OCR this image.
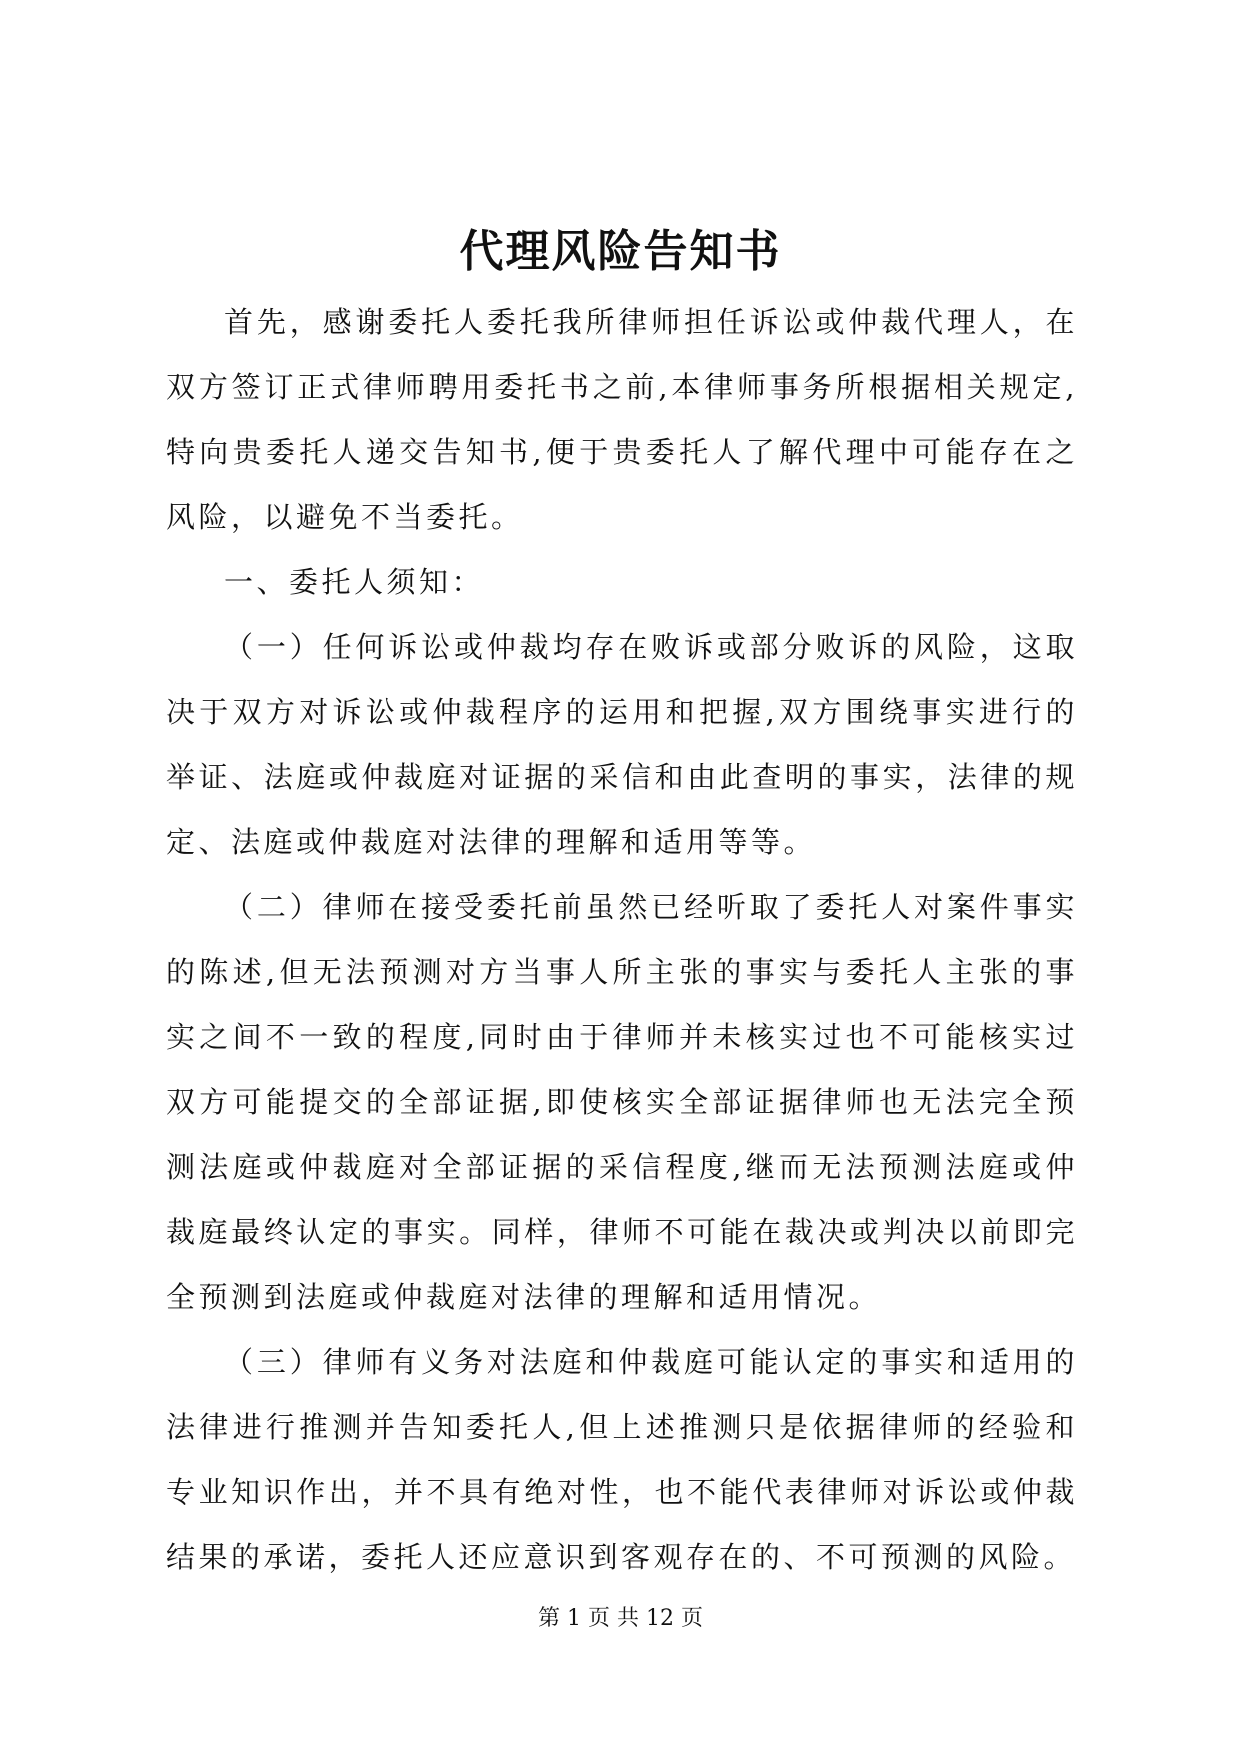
代理风险告知书

首先，感谢委托人委托我所律师担任诉讼或仲裁代理人，在双方签订正式律师聘用委托书之前,本律师事务所根据相关规定,特向贵委托人递交告知书,便于贵委托人了解代理中可能存在之风险，以避免不当委托。

一、委托人须知：

（一）任何诉讼或仲裁均存在败诉或部分败诉的风险，这取决于双方对诉讼或仲裁程序的运用和把握,双方围绕事实进行的举证、法庭或仲裁庭对证据的采信和由此查明的事实，法律的规定、法庭或仲裁庭对法律的理解和适用等等。

（二）律师在接受委托前虽然已经听取了委托人对案件事实的陈述,但无法预测对方当事人所主张的事实与委托人主张的事实之间不一致的程度,同时由于律师并未核实过也不可能核实过双方可能提交的全部证据,即使核实全部证据律师也无法完全预测法庭或仲裁庭对全部证据的采信程度,继而无法预测法庭或仲裁庭最终认定的事实。同样，律师不可能在裁决或判决以前即完全预测到法庭或仲裁庭对法律的理解和适用情况。

（三）律师有义务对法庭和仲裁庭可能认定的事实和适用的法律进行推测并告知委托人,但上述推测只是依据律师的经验和专业知识作出，并不具有绝对性，也不能代表律师对诉讼或仲裁结果的承诺，委托人还应意识到客观存在的、不可预测的风险。

第 1 页 共 12 页
